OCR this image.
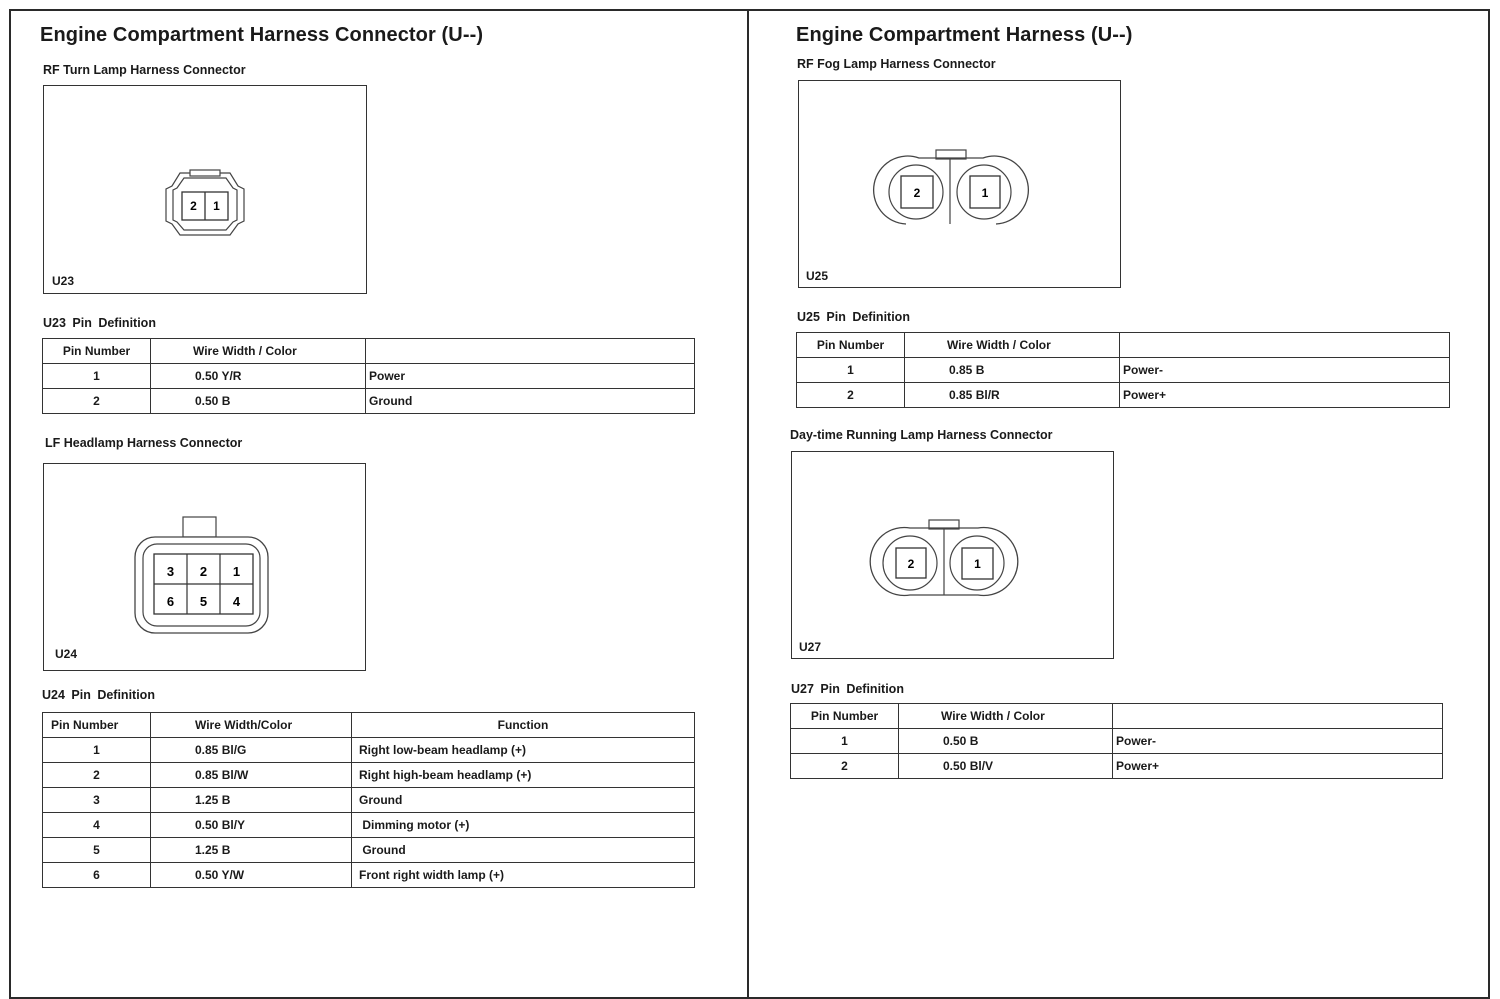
Engine Compartment Harness Connector (U--)
RF Turn Lamp Harness Connector
2 1
U23
U23 Pin Definition
Pin Number	Wire Width / Color	
1	0.50 Y/R	Power
2	0.50 B	Ground
LF Headlamp Harness Connector
3 2 1
6 5 4
U24
U24 Pin Definition
Pin Number	Wire Width/Color	Function
1	0.85 Bl/G	Right low-beam headlamp (+)
2	0.85 Bl/W	Right high-beam headlamp (+)
3	1.25 B	Ground
4	0.50 Bl/Y	Dimming motor (+)
5	1.25 B	Ground
6	0.50 Y/W	Front right width lamp (+)
Engine Compartment Harness (U--)
RF Fog Lamp Harness Connector
2	1
U25
U25 Pin Definition
Pin Number	Wire Width / Color	
1	0.85 B	Power-
2	0.85 Bl/R	Power+
Day-time Running Lamp Harness Connector
2	1
U27
U27 Pin Definition
Pin Number	Wire Width / Color	
1	0.50 B	Power-
2	0.50 Bl/V	Power+
